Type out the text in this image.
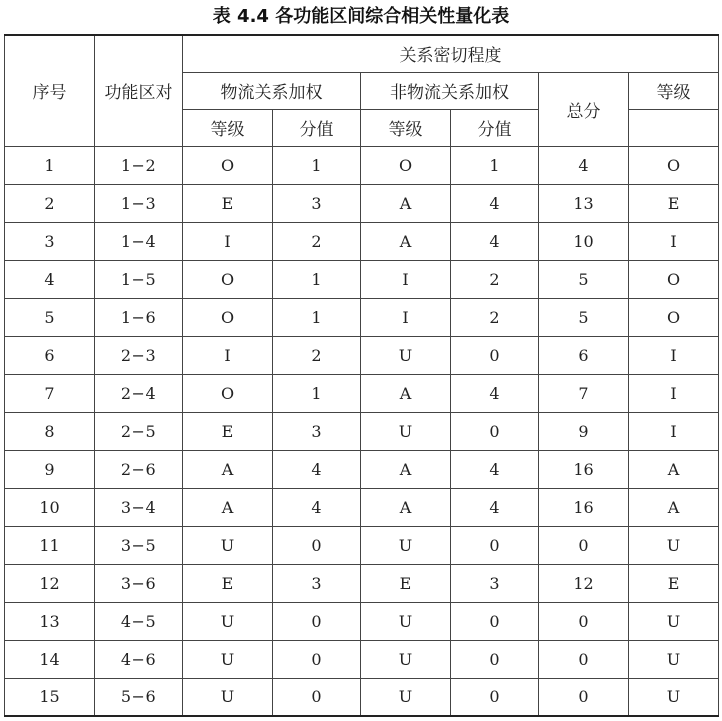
表 4.4 各功能区间综合相关性量化表
序号	功能区对	关系密切程度					
		物流关系加权		非物流关系加权		总分	等级
		等级	分值	等级	分值		
1	1−2	O	1	O	1	4	O
2	1−3	E	3	A	4	13	E
3	1−4	I	2	A	4	10	I
4	1−5	O	1	I	2	5	O
5	1−6	O	1	I	2	5	O
6	2−3	I	2	U	0	6	I
7	2−4	O	1	A	4	7	I
8	2−5	E	3	U	0	9	I
9	2−6	A	4	A	4	16	A
10	3−4	A	4	A	4	16	A
11	3−5	U	0	U	0	0	U
12	3−6	E	3	E	3	12	E
13	4−5	U	0	U	0	0	U
14	4−6	U	0	U	0	0	U
15	5−6	U	0	U	0	0	U
